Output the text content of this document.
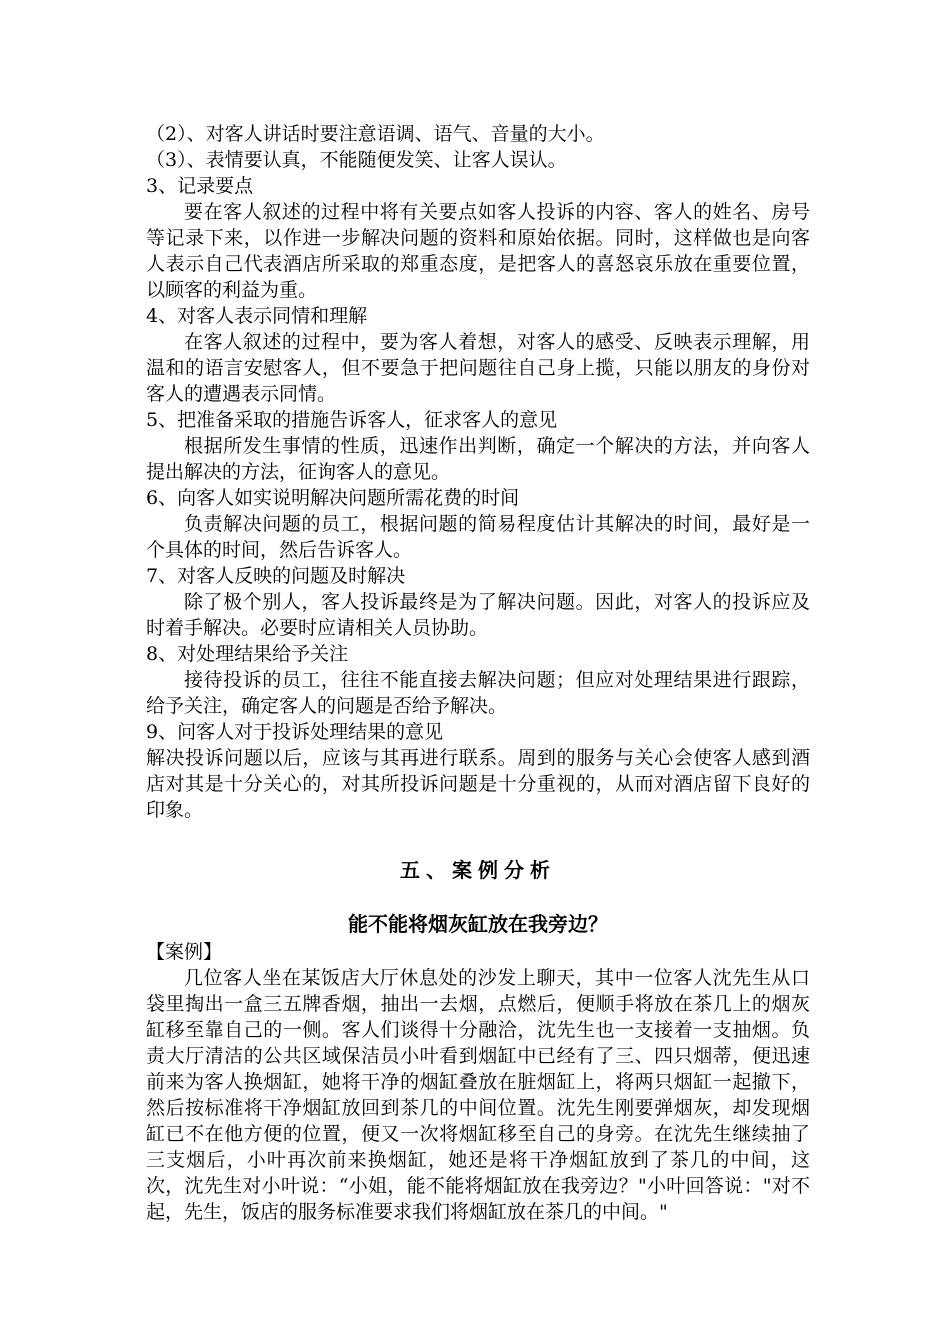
（2）、对客人讲话时要注意语调、语气、音量的大小。
（3）、表情要认真，不能随便发笑、让客人误认。
3、记录要点
要在客人叙述的过程中将有关要点如客人投诉的内容、客人的姓名、房号等记录下来，以作进一步解决问题的资料和原始依据。同时，这样做也是向客人表示自己代表酒店所采取的郑重态度，是把客人的喜怒哀乐放在重要位置，以顾客的利益为重。
4、对客人表示同情和理解
在客人叙述的过程中，要为客人着想，对客人的感受、反映表示理解，用温和的语言安慰客人，但不要急于把问题往自己身上揽，只能以朋友的身份对客人的遭遇表示同情。
5、把准备采取的措施告诉客人，征求客人的意见
根据所发生事情的性质，迅速作出判断，确定一个解决的方法，并向客人提出解决的方法，征询客人的意见。
6、向客人如实说明解决问题所需花费的时间
负责解决问题的员工，根据问题的简易程度估计其解决的时间，最好是一个具体的时间，然后告诉客人。
7、对客人反映的问题及时解决
除了极个别人，客人投诉最终是为了解决问题。因此，对客人的投诉应及时着手解决。必要时应请相关人员协助。
8、对处理结果给予关注
接待投诉的员工，往往不能直接去解决问题；但应对处理结果进行跟踪，给予关注，确定客人的问题是否给予解决。
9、问客人对于投诉处理结果的意见
解决投诉问题以后，应该与其再进行联系。周到的服务与关心会使客人感到酒店对其是十分关心的，对其所投诉问题是十分重视的，从而对酒店留下良好的印象。
五、案例分析
能不能将烟灰缸放在我旁边？
【案例】
几位客人坐在某饭店大厅休息处的沙发上聊天，其中一位客人沈先生从口袋里掏出一盒三五牌香烟，抽出一去烟，点燃后，便顺手将放在茶几上的烟灰缸移至靠自己的一侧。客人们谈得十分融洽，沈先生也一支接着一支抽烟。负责大厅清洁的公共区域保洁员小叶看到烟缸中已经有了三、四只烟蒂，便迅速前来为客人换烟缸，她将干净的烟缸叠放在脏烟缸上，将两只烟缸一起撤下，然后按标准将干净烟缸放回到茶几的中间位置。沈先生刚要弹烟灰，却发现烟缸已不在他方便的位置，便又一次将烟缸移至自己的身旁。在沈先生继续抽了三支烟后，小叶再次前来换烟缸，她还是将干净烟缸放到了茶几的中间，这次，沈先生对小叶说：“小姐，能不能将烟缸放在我旁边？"小叶回答说："对不起，先生，饭店的服务标准要求我们将烟缸放在茶几的中间。"
